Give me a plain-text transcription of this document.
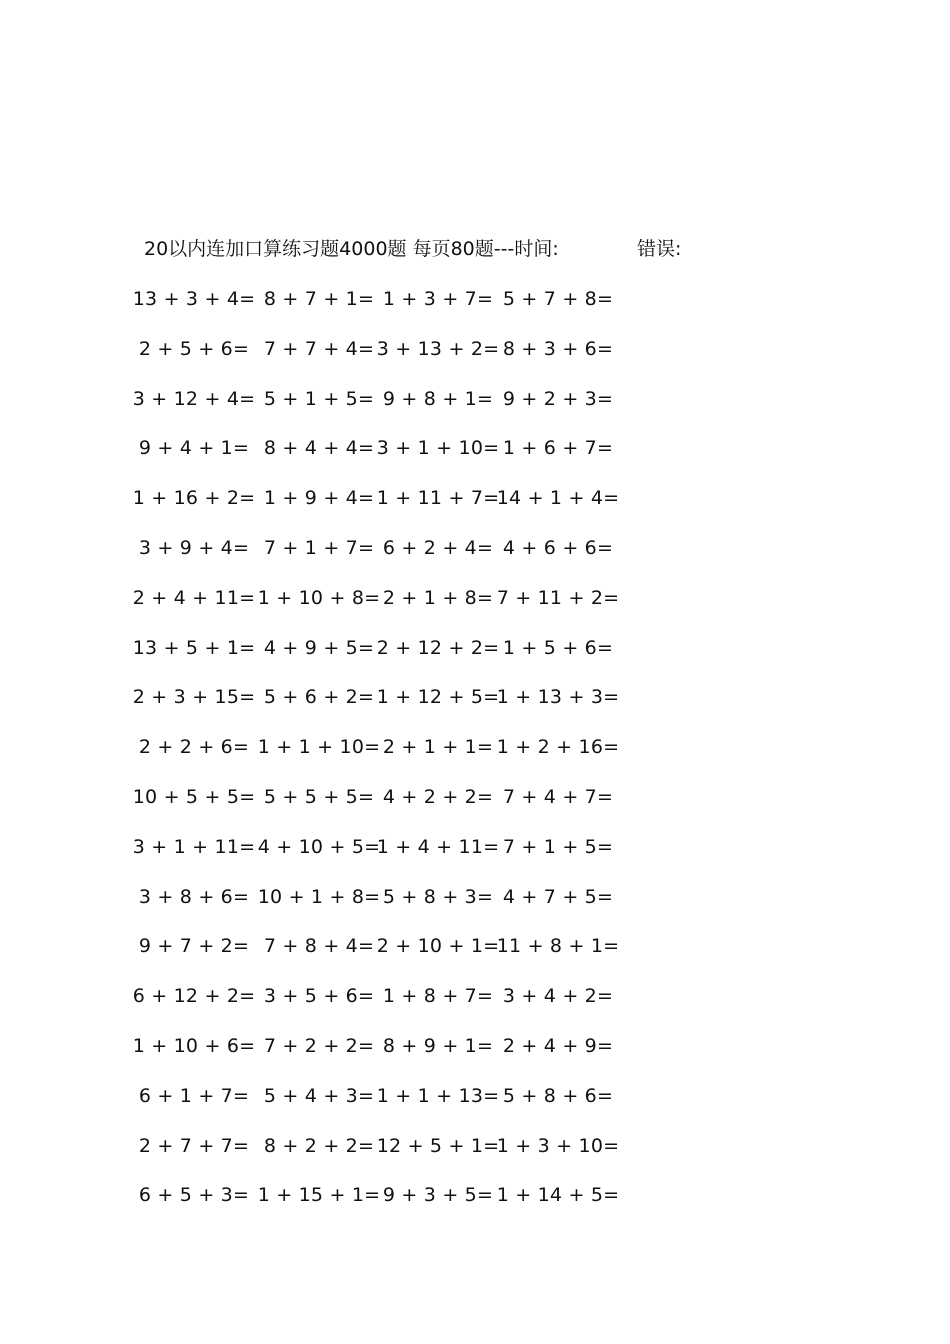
20以内连加口算练习题4000题 每页80题---时间:	错误:
13 + 3 + 4= 8 + 7 + 1= 1 + 3 + 7= 5 + 7 + 8=
2 + 5 + 6= 7 + 7 + 4= 3 + 13 + 2= 8 + 3 + 6=
3 + 12 + 4= 5 + 1 + 5= 9 + 8 + 1= 9 + 2 + 3=
9 + 4 + 1= 8 + 4 + 4= 3 + 1 + 10= 1 + 6 + 7=
1 + 16 + 2= 1 + 9 + 4= 1 + 11 + 7=
14 + 1 + 4=
3 + 9 + 4= 7 + 1 + 7= 6 + 2 + 4= 4 + 6 + 6=
2 + 4 + 11= 1 + 10 + 8= 2 + 1 + 8= 7 + 11 + 2=
13 + 5 + 1= 4 + 9 + 5= 2 + 12 + 2= 1 + 5 + 6=
2 + 3 + 15= 5 + 6 + 2= 1 + 12 + 5=
1 + 13 + 3=
2 + 2 + 6= 1 + 1 + 10= 2 + 1 + 1= 1 + 2 + 16=
10 + 5 + 5= 5 + 5 + 5= 4 + 2 + 2= 7 + 4 + 7=
3 + 1 + 11= 4 + 10 + 5=
1 + 4 + 11= 7 + 1 + 5=
3 + 8 + 6= 10 + 1 + 8= 5 + 8 + 3= 4 + 7 + 5=
9 + 7 + 2= 7 + 8 + 4= 2 + 10 + 1=
11 + 8 + 1=
6 + 12 + 2= 3 + 5 + 6= 1 + 8 + 7= 3 + 4 + 2=
1 + 10 + 6= 7 + 2 + 2= 8 + 9 + 1= 2 + 4 + 9=
6 + 1 + 7= 5 + 4 + 3= 1 + 1 + 13= 5 + 8 + 6=
2 + 7 + 7= 8 + 2 + 2= 12 + 5 + 1=
1 + 3 + 10=
6 + 5 + 3= 1 + 15 + 1= 9 + 3 + 5= 1 + 14 + 5=
